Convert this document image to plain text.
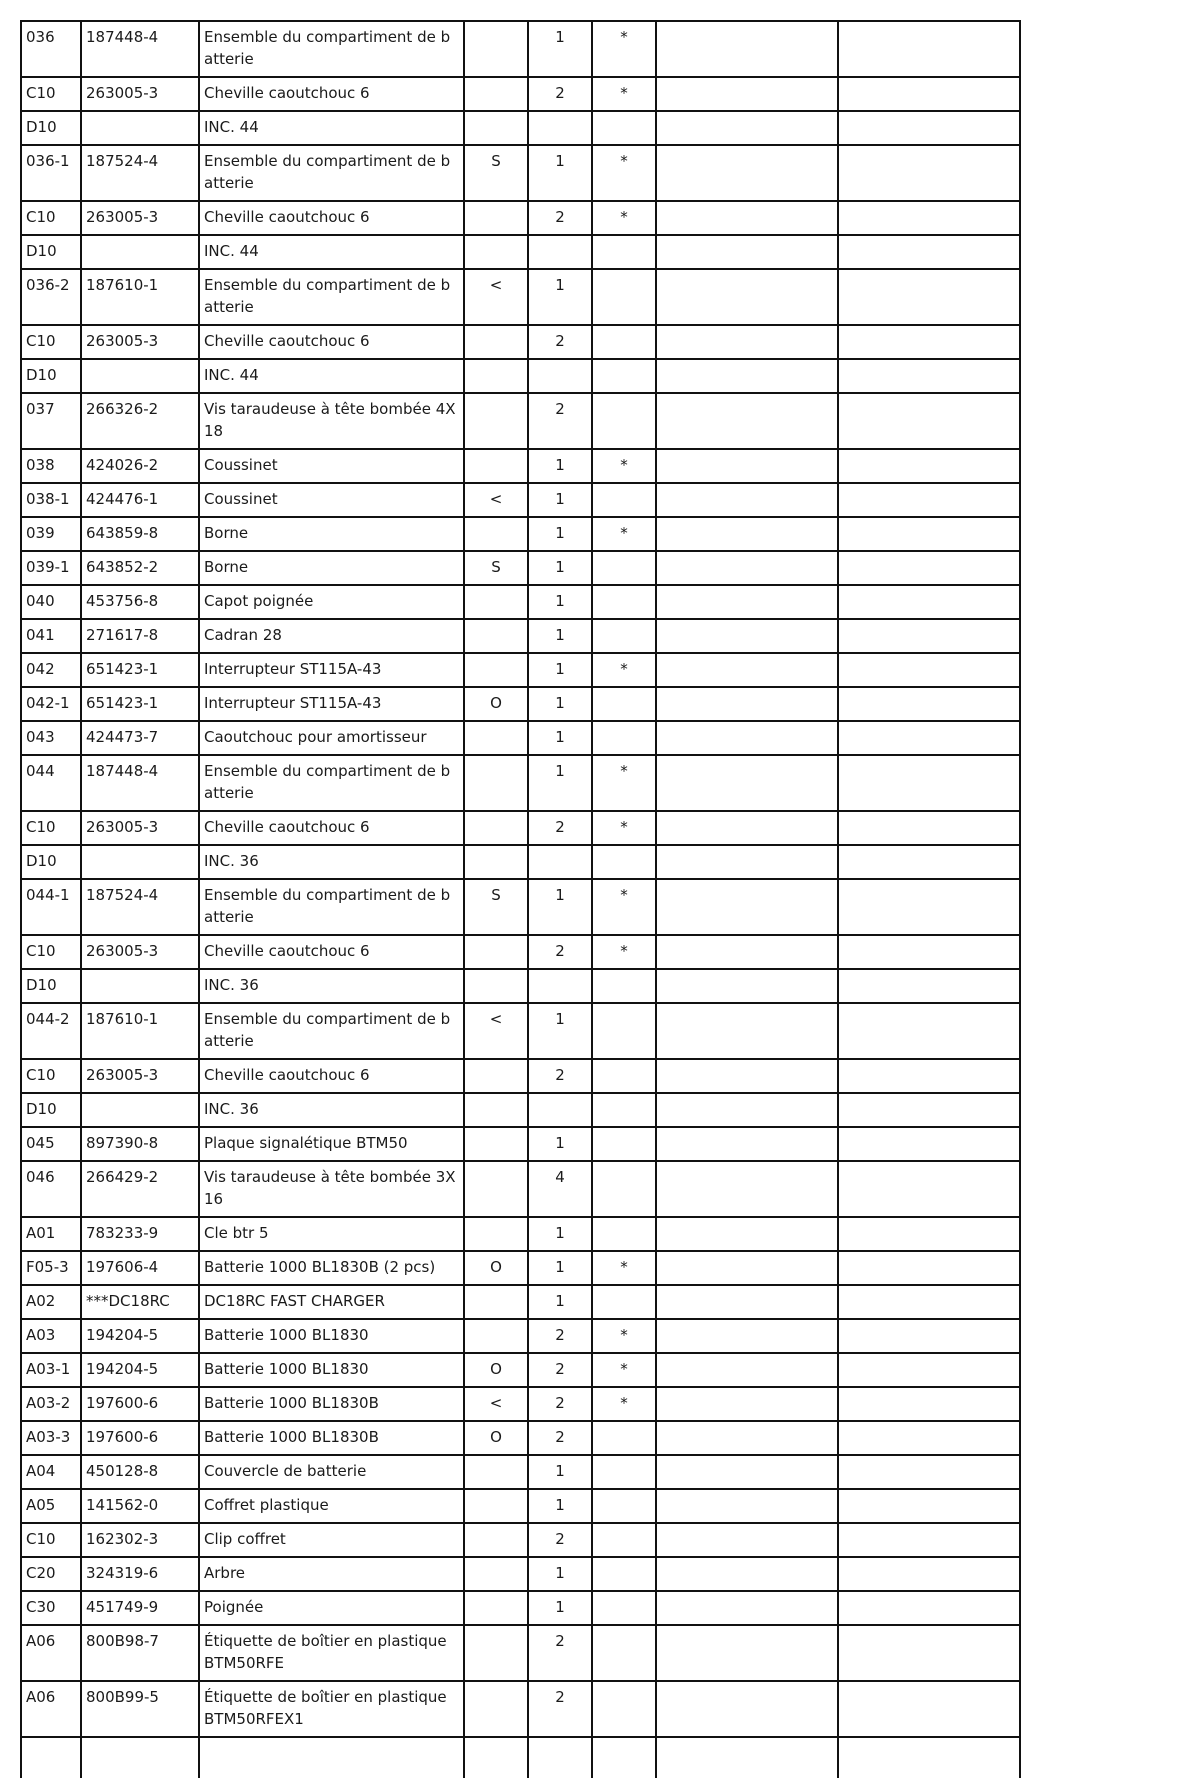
036	187448-4	Ensemble du compartiment de batterie		1	*		
C10	263005-3	Cheville caoutchouc 6		2	*		
D10		INC. 44					
036-1	187524-4	Ensemble du compartiment de batterie	S	1	*		
C10	263005-3	Cheville caoutchouc 6		2	*		
D10		INC. 44					
036-2	187610-1	Ensemble du compartiment de batterie	<	1			
C10	263005-3	Cheville caoutchouc 6		2			
D10		INC. 44					
037	266326-2	Vis taraudeuse à tête bombée 4X18		2			
038	424026-2	Coussinet		1	*		
038-1	424476-1	Coussinet	<	1			
039	643859-8	Borne		1	*		
039-1	643852-2	Borne	S	1			
040	453756-8	Capot poignée		1			
041	271617-8	Cadran 28		1			
042	651423-1	Interrupteur ST115A-43		1	*		
042-1	651423-1	Interrupteur ST115A-43	O	1			
043	424473-7	Caoutchouc pour amortisseur		1			
044	187448-4	Ensemble du compartiment de batterie		1	*		
C10	263005-3	Cheville caoutchouc 6		2	*		
D10		INC. 36					
044-1	187524-4	Ensemble du compartiment de batterie	S	1	*		
C10	263005-3	Cheville caoutchouc 6		2	*		
D10		INC. 36					
044-2	187610-1	Ensemble du compartiment de batterie	<	1			
C10	263005-3	Cheville caoutchouc 6		2			
D10		INC. 36					
045	897390-8	Plaque signalétique BTM50		1			
046	266429-2	Vis taraudeuse à tête bombée 3X16		4			
A01	783233-9	Cle btr 5		1			
F05-3	197606-4	Batterie 1000 BL1830B (2 pcs)	O	1	*		
A02	***DC18RC	DC18RC FAST CHARGER		1			
A03	194204-5	Batterie 1000 BL1830		2	*		
A03-1	194204-5	Batterie 1000 BL1830	O	2	*		
A03-2	197600-6	Batterie 1000 BL1830B	<	2	*		
A03-3	197600-6	Batterie 1000 BL1830B	O	2			
A04	450128-8	Couvercle de batterie		1			
A05	141562-0	Coffret plastique		1			
C10	162302-3	Clip coffret		2			
C20	324319-6	Arbre		1			
C30	451749-9	Poignée		1			
A06	800B98-7	Étiquette de boîtier en plastique BTM50RFE		2			
A06	800B99-5	Étiquette de boîtier en plastique BTM50RFEX1		2			
